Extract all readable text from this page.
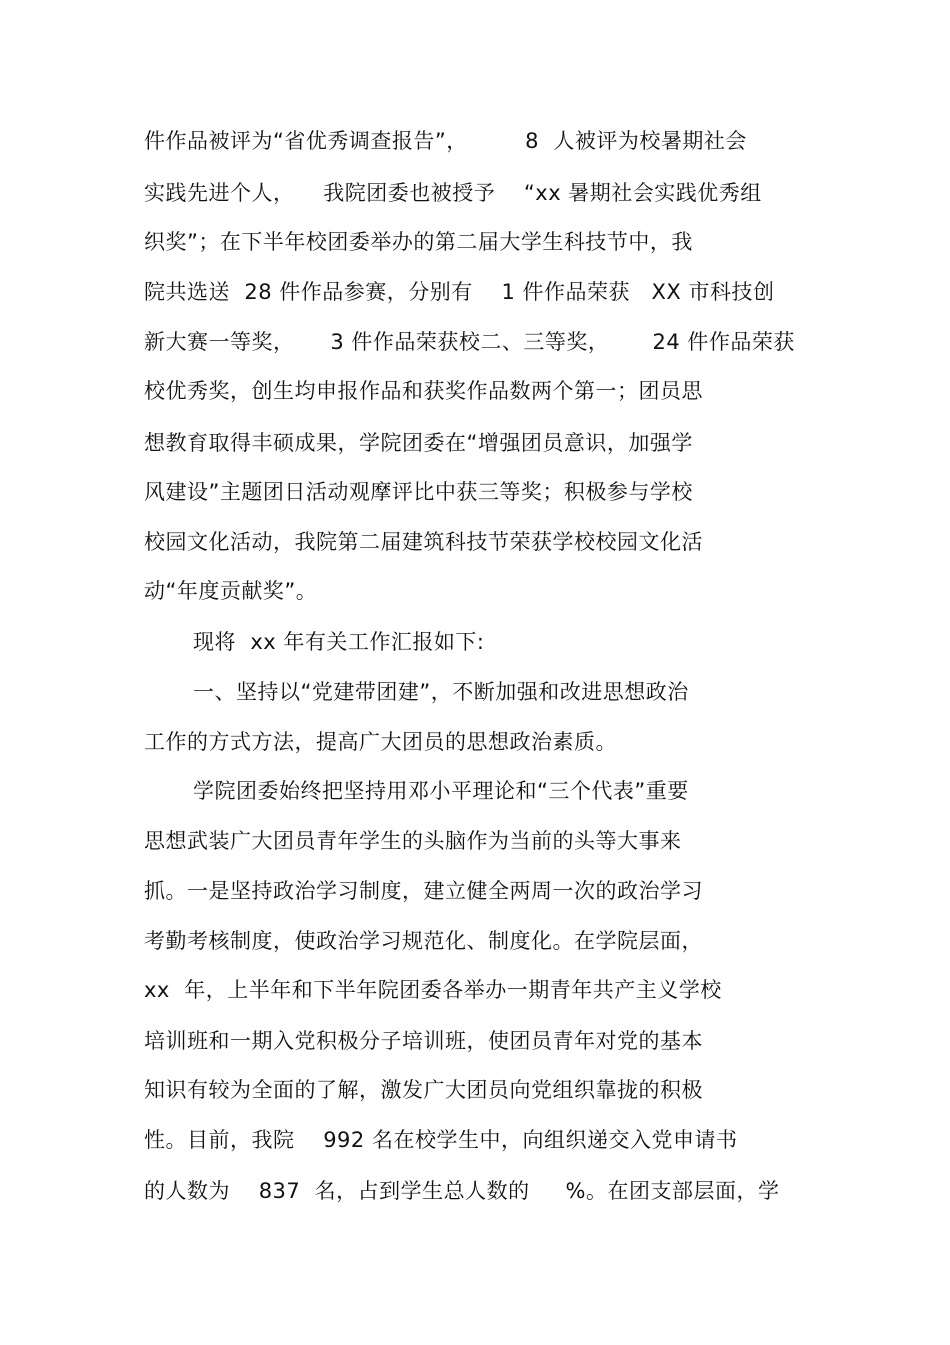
件作品被评为“省优秀调查报告”，        8  人被评为校暑期社会
实践先进个人，    我院团委也被授予    “xx 暑期社会实践优秀组
织奖”；在下半年校团委举办的第二届大学生科技节中，我
院共选送  28 件作品参赛，分别有    1 件作品荣获   XX 市科技创
新大赛一等奖，     3 件作品荣获校二、三等奖，      24 件作品荣获
校优秀奖，创生均申报作品和获奖作品数两个第一；团员思
想教育取得丰硕成果，学院团委在“增强团员意识，加强学
风建设”主题团日活动观摩评比中获三等奖；积极参与学校
校园文化活动，我院第二届建筑科技节荣获学校校园文化活
动“年度贡献奖”。
现将  xx 年有关工作汇报如下:
一、坚持以“党建带团建”，不断加强和改进思想政治
工作的方式方法，提高广大团员的思想政治素质。
学院团委始终把坚持用邓小平理论和“三个代表”重要
思想武装广大团员青年学生的头脑作为当前的头等大事来
抓。一是坚持政治学习制度，建立健全两周一次的政治学习
考勤考核制度，使政治学习规范化、制度化。在学院层面，
xx  年，上半年和下半年院团委各举办一期青年共产主义学校
培训班和一期入党积极分子培训班，使团员青年对党的基本
知识有较为全面的了解，激发广大团员向党组织靠拢的积极
性。目前，我院    992 名在校学生中，向组织递交入党申请书
的人数为    837  名，占到学生总人数的     %。在团支部层面，学
